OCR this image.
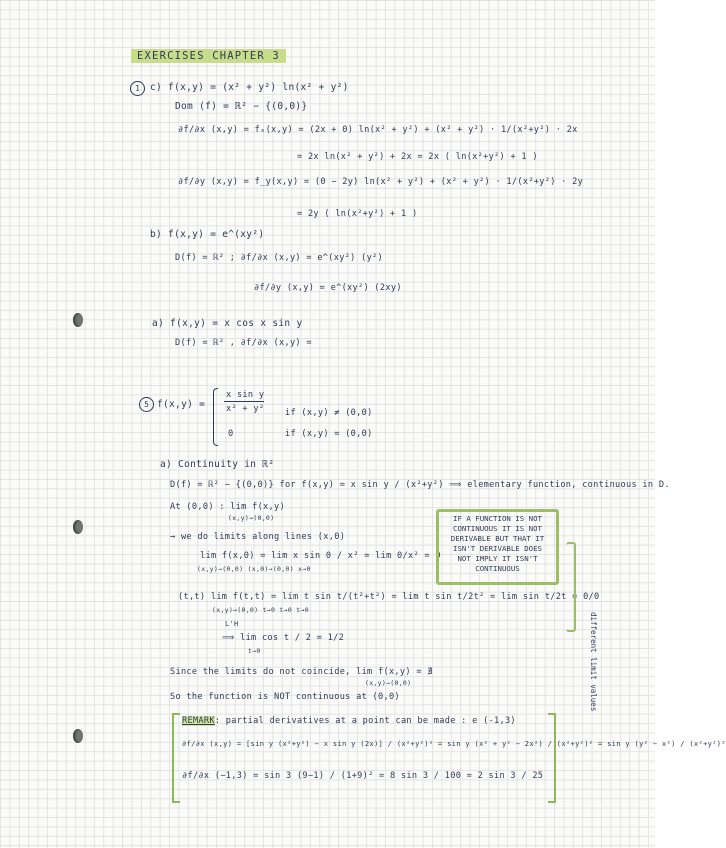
EXERCISES CHAPTER 3
1	c) f(x,y) = (x² + y²) ln(x² + y²)
Dom (f) = ℝ² − {(0,0)}
∂f/∂x (x,y) = fₓ(x,y) = (2x + 0) ln(x² + y²) + (x² + y²) · 1/(x²+y²) · 2x
= 2x ln(x² + y²) + 2x = 2x ( ln(x²+y²) + 1 )
∂f/∂y (x,y) = f_y(x,y) = (0 − 2y) ln(x² + y²) + (x² + y²) · 1/(x²+y²) · 2y
= 2y ( ln(x²+y²) + 1 )
b) f(x,y) = e^(xy²)
D(f) = ℝ² ; ∂f/∂x (x,y) = e^(xy²) (y²)
∂f/∂y (x,y) = e^(xy²) (2xy)
a) f(x,y) = x cos x sin y
D(f) = ℝ² , ∂f/∂x (x,y) =
5 f(x,y) =
x sin y
x² + y² if (x,y) ≠ (0,0)
0	if (x,y) = (0,0)
a) Continuity in ℝ²
D(f) = ℝ² − {(0,0)} for f(x,y) = x sin y / (x²+y²) ⟹ elementary function, continuous in D.
At (0,0) : lim f(x,y)
(x,y)→(0,0)
→ we do limits along lines (x,0)
lim f(x,0) = lim x sin 0 / x² = lim 0/x² = 0
(x,y)→(0,0) (x,0)→(0,0) x→0
(t,t) lim f(t,t) = lim t sin t/(t²+t²) = lim t sin t/2t² = lim sin t/2t = 0/0
(x,y)→(0,0) t→0 t→0 t→0
L'H
⟹ lim cos t / 2 = 1/2
t→0
Since the limits do not coincide, lim f(x,y) = ∄
(x,y)→(0,0)
So the function is NOT continuous at (0,0)
REMARK: partial derivatives at a point can be made : e (-1,3)
∂f/∂x (x,y) = [sin y (x²+y²) − x sin y (2x)] / (x²+y²)² = sin y (x² + y² − 2x²) / (x²+y²)² = sin y (y² − x²) / (x²+y²)²
∂f/∂x (−1,3) = sin 3 (9−1) / (1+9)² = 8 sin 3 / 100 = 2 sin 3 / 25
IF A FUNCTION IS NOT
CONTINUOUS IT IS NOT
DERIVABLE BUT THAT IT
ISN'T DERIVABLE DOES
NOT IMPLY IT ISN'T
CONTINUOUS
different limit values
